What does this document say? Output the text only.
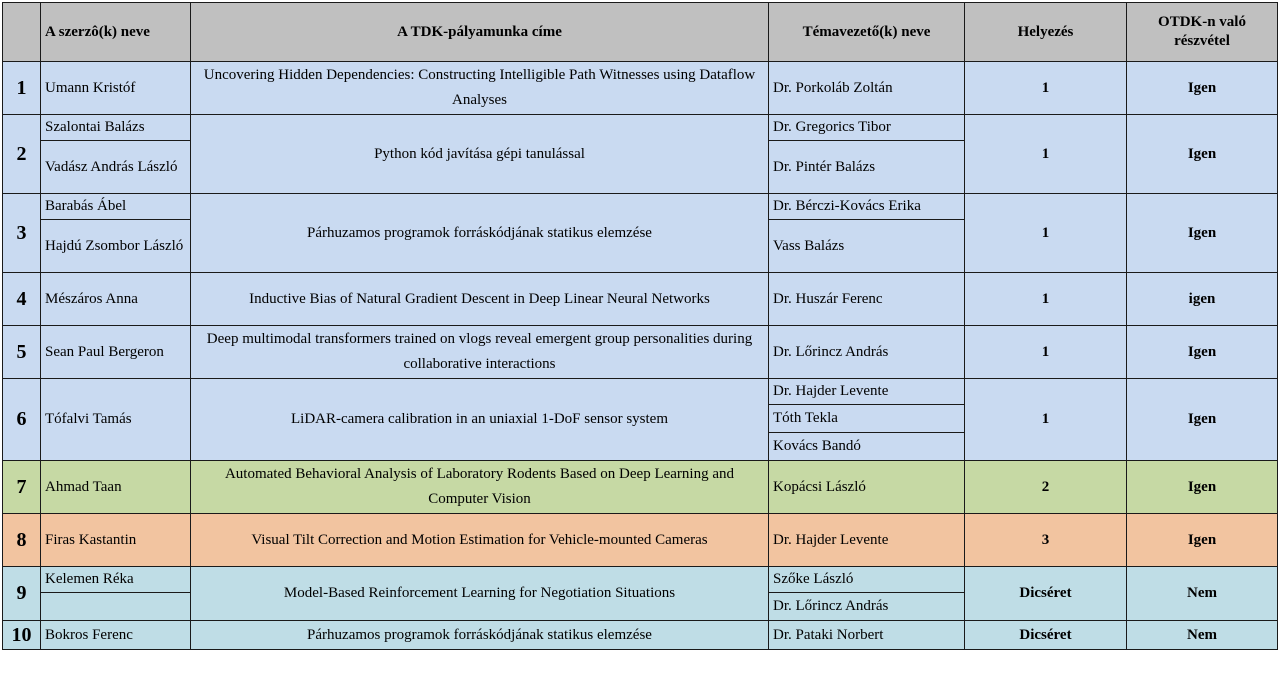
	A szerzô(k) neve	A TDK-pályamunka címe	Témavezető(k) neve	Helyezés	OTDK-n való részvétel
1	Umann Kristóf	Uncovering Hidden Dependencies: Constructing Intelligible Path Witnesses using Dataflow Analyses	Dr. Porkoláb Zoltán	1	Igen
2	Szalontai Balázs	Python kód javítása gépi tanulással	Dr. Gregorics Tibor	1	Igen
	Vadász András László		Dr. Pintér Balázs		
3	Barabás Ábel	Párhuzamos programok forráskódjának statikus elemzése	Dr. Bérczi-Kovács Erika	1	Igen
	Hajdú Zsombor László		Vass Balázs		
4	Mészáros Anna	Inductive Bias of Natural Gradient Descent in Deep Linear Neural Networks	Dr. Huszár Ferenc	1	igen
5	Sean Paul Bergeron	Deep multimodal transformers trained on vlogs reveal emergent group personalities during collaborative interactions	Dr. Lőrincz András	1	Igen
6	Tófalvi Tamás	LiDAR-camera calibration in an uniaxial 1-DoF sensor system	Dr. Hajder Levente	1	Igen
			Tóth Tekla		
			Kovács Bandó		
7	Ahmad Taan	Automated Behavioral Analysis of Laboratory Rodents Based on Deep Learning and Computer Vision	Kopácsi László	2	Igen
8	Firas Kastantin	Visual Tilt Correction and Motion Estimation for Vehicle-mounted Cameras	Dr. Hajder Levente	3	Igen
9	Kelemen Réka	Model-Based Reinforcement Learning for Negotiation Situations	Szőke László	Dicséret	Nem
			Dr. Lőrincz András		
10	Bokros Ferenc	Párhuzamos programok forráskódjának statikus elemzése	Dr. Pataki Norbert	Dicséret	Nem
